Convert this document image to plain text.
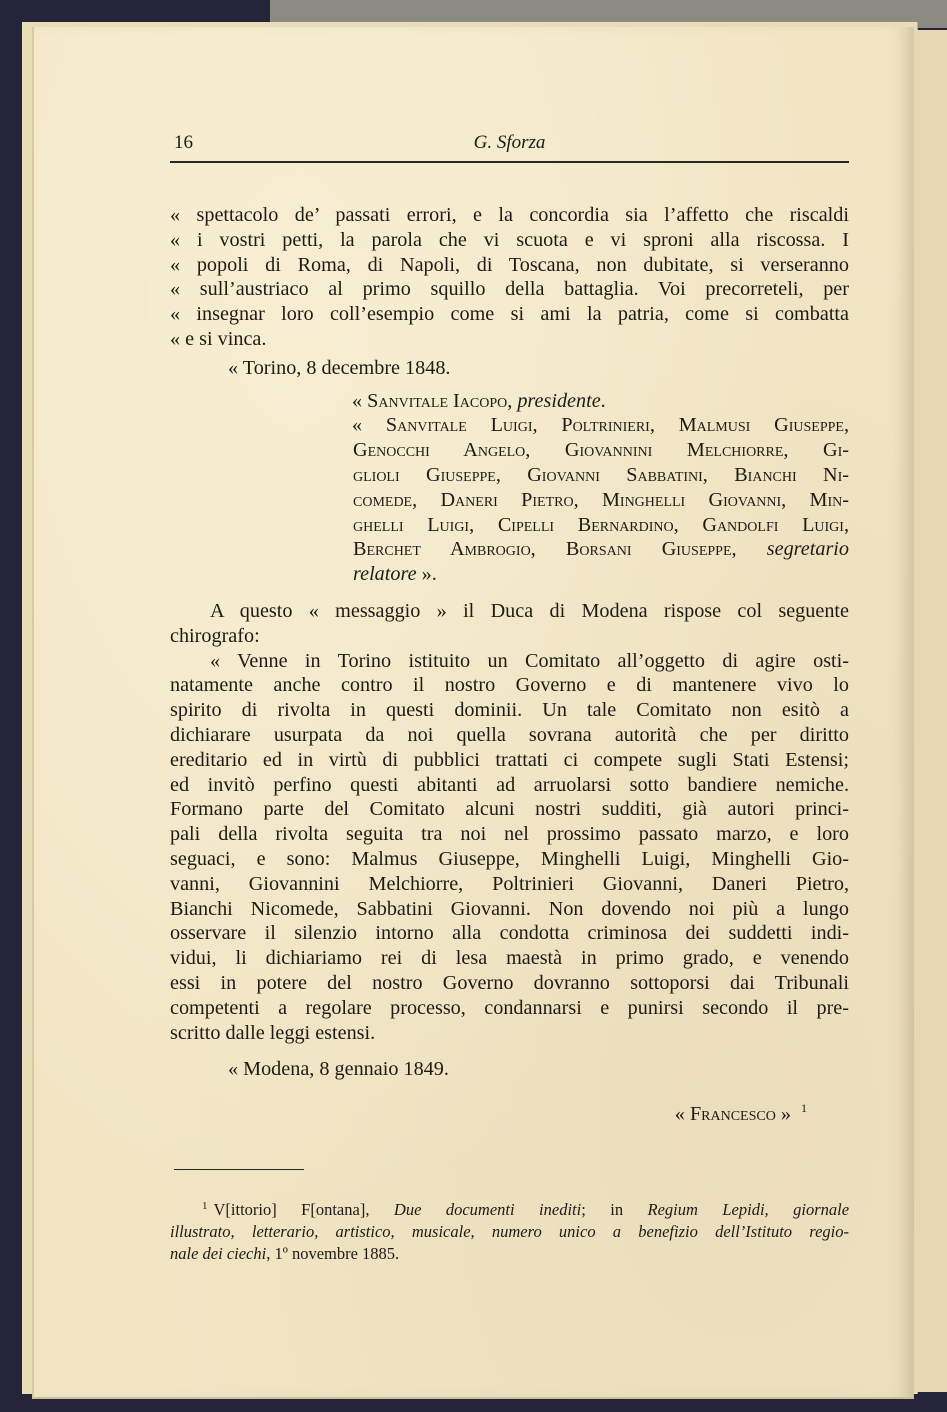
16	G. Sforza
« spettacolo de’ passati errori, e la concordia sia l’affetto che riscaldi
« i vostri petti, la parola che vi scuota e vi sproni alla riscossa. I
« popoli di Roma, di Napoli, di Toscana, non dubitate, si verseranno
« sull’austriaco al primo squillo della battaglia. Voi precorreteli, per
« insegnar loro coll’esempio come si ami la patria, come si combatta
« e si vinca.
« Torino, 8 decembre 1848.
« Sanvitale Iacopo, presidente.
« Sanvitale Luigi, Poltrinieri, Malmusi Giuseppe,
Genocchi Angelo, Giovannini Melchiorre, Gi-
glioli Giuseppe, Giovanni Sabbatini, Bianchi Ni-
comede, Daneri Pietro, Minghelli Giovanni, Min-
ghelli Luigi, Cipelli Bernardino, Gandolfi Luigi,
Berchet Ambrogio, Borsani Giuseppe, segretario
relatore ».
A questo « messaggio » il Duca di Modena rispose col seguente
chirografo:
« Venne in Torino istituito un Comitato all’oggetto di agire osti-
natamente anche contro il nostro Governo e di mantenere vivo lo
spirito di rivolta in questi dominii. Un tale Comitato non esitò a
dichiarare usurpata da noi quella sovrana autorità che per diritto
ereditario ed in virtù di pubblici trattati ci compete sugli Stati Estensi;
ed invitò perfino questi abitanti ad arruolarsi sotto bandiere nemiche.
Formano parte del Comitato alcuni nostri sudditi, già autori princi-
pali della rivolta seguita tra noi nel prossimo passato marzo, e loro
seguaci, e sono: Malmus Giuseppe, Minghelli Luigi, Minghelli Gio-
vanni, Giovannini Melchiorre, Poltrinieri Giovanni, Daneri Pietro,
Bianchi Nicomede, Sabbatini Giovanni. Non dovendo noi più a lungo
osservare il silenzio intorno alla condotta criminosa dei suddetti indi-
vidui, li dichiariamo rei di lesa maestà in primo grado, e venendo
essi in potere del nostro Governo dovranno sottoporsi dai Tribunali
competenti a regolare processo, condannarsi e punirsi secondo il pre-
scritto dalle leggi estensi.
« Modena, 8 gennaio 1849.
« Francesco » $^1$
$^1$ V[ittorio] F[ontana], Due documenti inediti; in Regium Lepidi, giornale
illustrato, letterario, artistico, musicale, numero unico a benefizio dell’Istituto regio-
nale dei ciechi, 1º novembre 1885.
